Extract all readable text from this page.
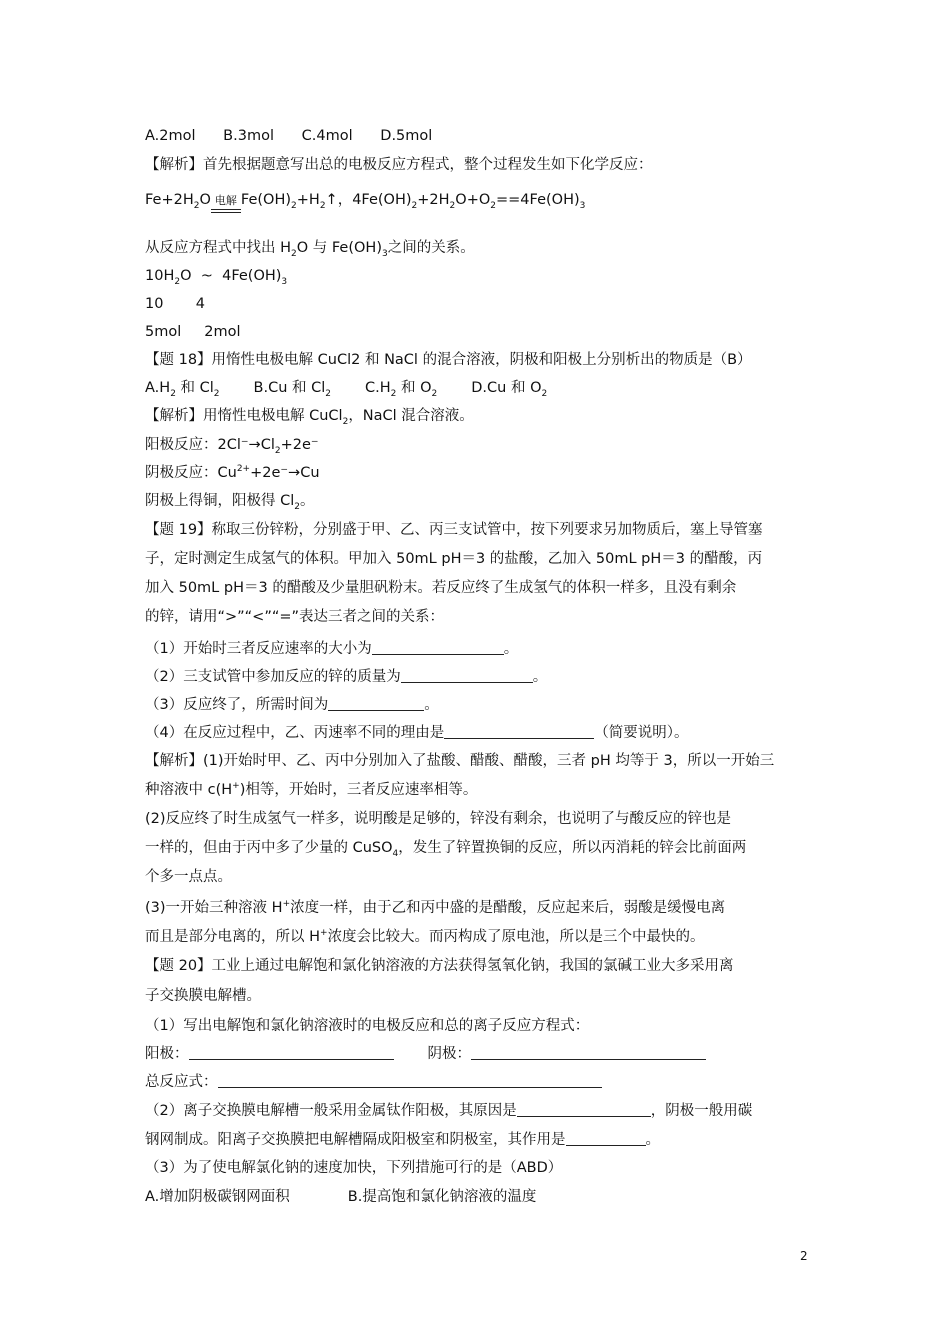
A.2mol      B.3mol      C.4mol      D.5mol
【解析】首先根据题意写出总的电极反应方程式，整个过程发生如下化学反应：
$Fe+2H_2O$ 电解 $Fe(OH)_2+H_2↑$，$4Fe(OH)_2+2H_2O+O_2==4Fe(OH)_3$
从反应方程式中找出 $H_2O$ 与 $Fe(OH)_3$之间的关系。
$10H_2O$  ~  $4Fe(OH)_3$
10       4
5mol     2mol
【题 18】用惰性电极电解 CuCl2 和 NaCl 的混合溶液，阴极和阳极上分别析出的物质是（B）
$A.H_2$ 和 $Cl_2$ B.Cu 和 $Cl_2$ $C.H_2$ 和 $O_2$ D.Cu 和 $O_2$
【解析】用惰性电极电解 CuCl$_2$，NaCl 混合溶液。
阳极反应：$2Cl^-\to Cl_2+2e^-$
阴极反应：$Cu^{2+}+2e^-\to Cu$
阴极上得铜，阳极得 $Cl_2$。
【题 19】称取三份锌粉，分别盛于甲、乙、丙三支试管中，按下列要求另加物质后，塞上导管塞
子，定时测定生成氢气的体积。甲加入 50mL pH＝3 的盐酸，乙加入 50mL pH＝3 的醋酸，丙
加入 50mL pH＝3 的醋酸及少量胆矾粉末。若反应终了生成氢气的体积一样多，且没有剩余
的锌，请用“>”“<”“=”表达三者之间的关系：
（1）开始时三者反应速率的大小为	。
（2）三支试管中参加反应的锌的质量为	。
（3）反应终了，所需时间为	。
（4）在反应过程中，乙、丙速率不同的理由是	（简要说明）。
【解析】(1)开始时甲、乙、丙中分别加入了盐酸、醋酸、醋酸，三者 pH 均等于 3，所以一开始三
种溶液中 c(H+)相等，开始时，三者反应速率相等。
(2)反应终了时生成氢气一样多，说明酸是足够的，锌没有剩余，也说明了与酸反应的锌也是
一样的，但由于丙中多了少量的 CuSO$_4$，发生了锌置换铜的反应，所以丙消耗的锌会比前面两
个多一点点。
(3)一开始三种溶液 H+浓度一样，由于乙和丙中盛的是醋酸，反应起来后，弱酸是缓慢电离
而且是部分电离的，所以 H+浓度会比较大。而丙构成了原电池，所以是三个中最快的。
【题 20】工业上通过电解饱和氯化钠溶液的方法获得氢氧化钠，我国的氯碱工业大多采用离
子交换膜电解槽。
（1）写出电解饱和氯化钠溶液时的电极反应和总的离子反应方程式：
阳极：	阴极：
总反应式：
（2）离子交换膜电解槽一般采用金属钛作阳极，其原因是	，阴极一般用碳
钢网制成。阳离子交换膜把电解槽隔成阳极室和阴极室，其作用是	。
（3）为了使电解氯化钠的速度加快，下列措施可行的是（ABD）
A.增加阴极碳钢网面积	B.提高饱和氯化钠溶液的温度
2
